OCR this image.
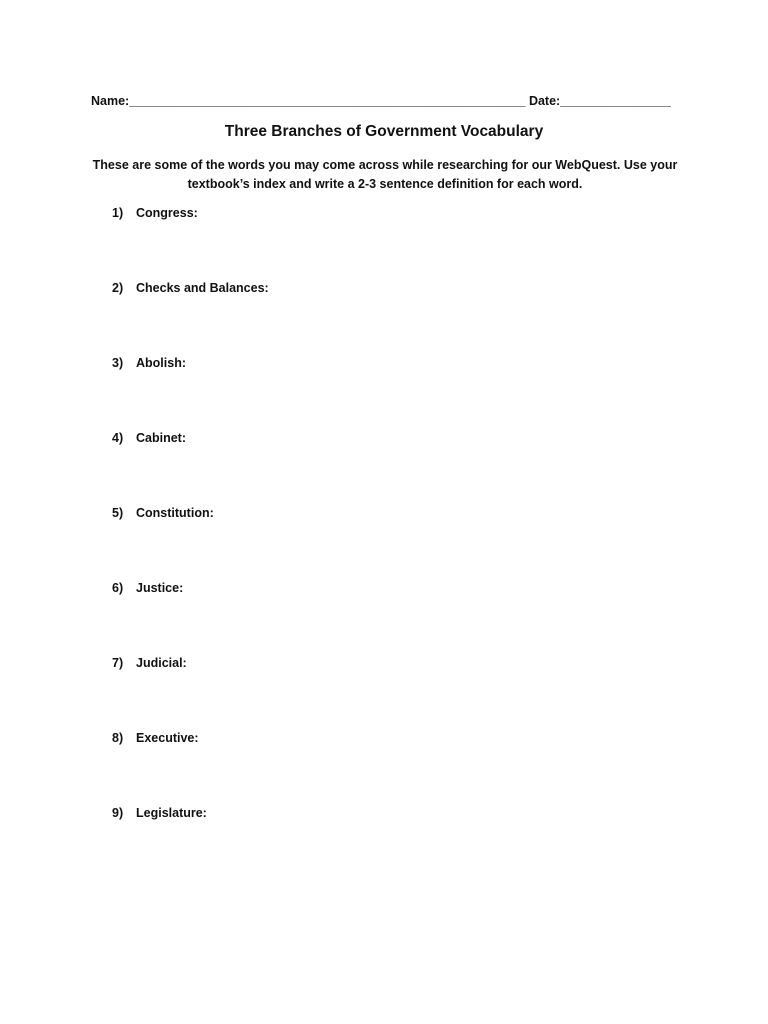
Name:_________________________________________________________ Date:________________
Three Branches of Government Vocabulary
These are some of the words you may come across while researching for our WebQuest. Use your
textbook’s index and write a 2-3 sentence definition for each word.
1) Congress:
2) Checks and Balances:
3) Abolish:
4) Cabinet:
5) Constitution:
6) Justice:
7) Judicial:
8) Executive:
9) Legislature:
